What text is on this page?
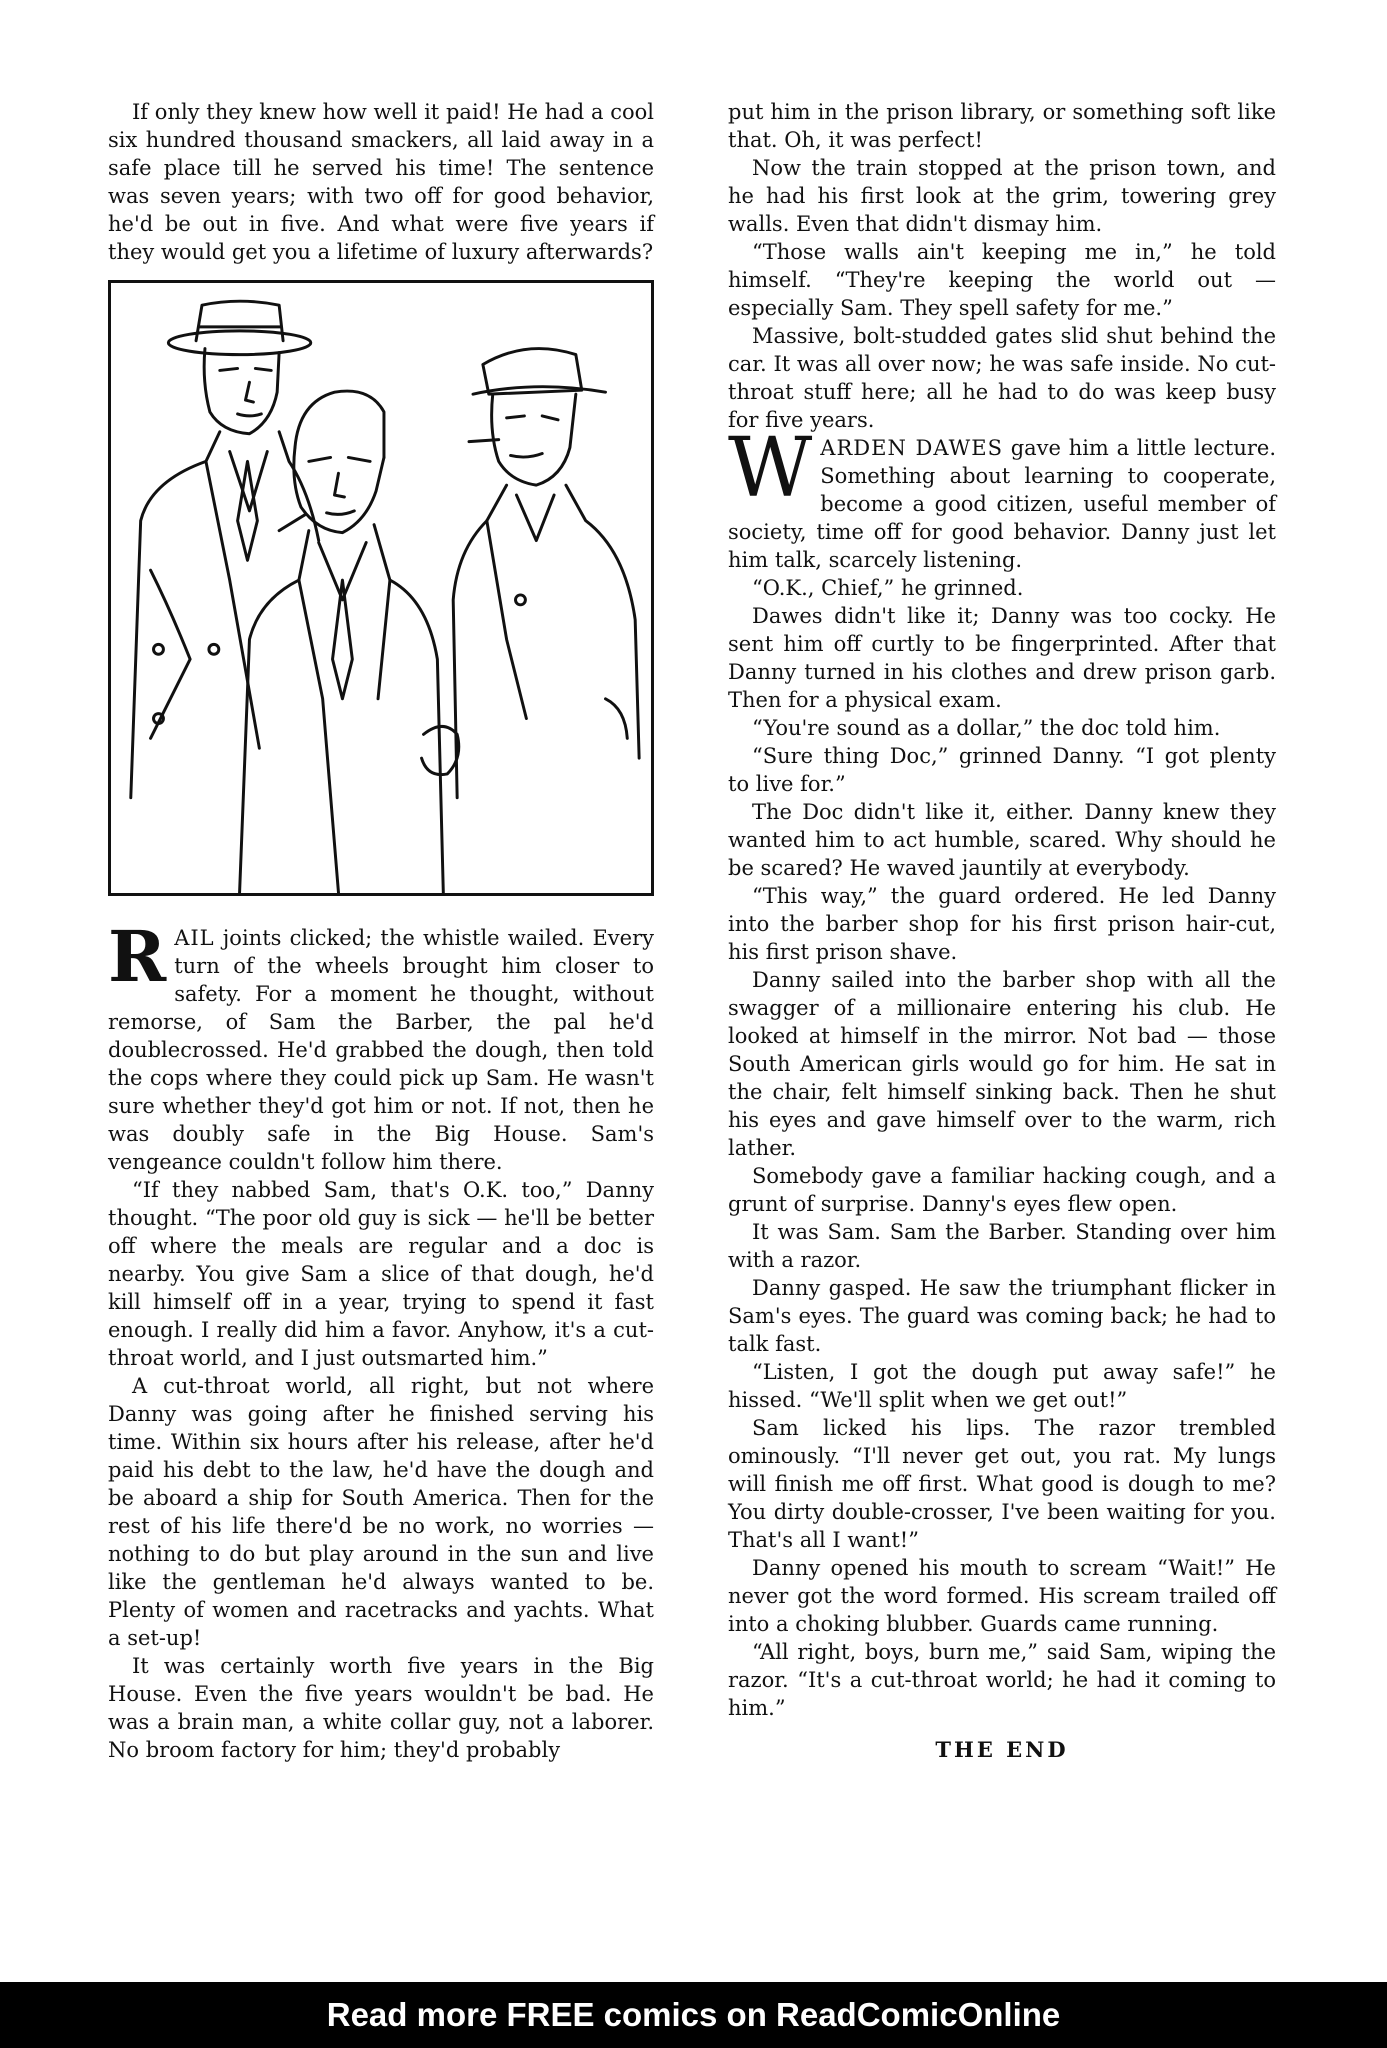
If only they knew how well it paid! He had a cool six hundred thousand smackers, all laid away in a safe place till he served his time! The sentence was seven years; with two off for good behavior, he'd be out in five. And what were five years if they would get you a lifetime of luxury afterwards?

RAIL joints clicked; the whistle wailed. Every turn of the wheels brought him closer to safety. For a moment he thought, without remorse, of Sam the Barber, the pal he'd doublecrossed. He'd grabbed the dough, then told the cops where they could pick up Sam. He wasn't sure whether they'd got him or not. If not, then he was doubly safe in the Big House. Sam's vengeance couldn't follow him there.

“If they nabbed Sam, that's O.K. too,” Danny thought. “The poor old guy is sick — he'll be better off where the meals are regular and a doc is nearby. You give Sam a slice of that dough, he'd kill himself off in a year, trying to spend it fast enough. I really did him a favor. Anyhow, it's a cut-throat world, and I just outsmarted him.”

A cut-throat world, all right, but not where Danny was going after he finished serving his time. Within six hours after his release, after he'd paid his debt to the law, he'd have the dough and be aboard a ship for South America. Then for the rest of his life there'd be no work, no worries — nothing to do but play around in the sun and live like the gentleman he'd always wanted to be. Plenty of women and racetracks and yachts. What a set-up!

It was certainly worth five years in the Big House. Even the five years wouldn't be bad. He was a brain man, a white collar guy, not a laborer. No broom factory for him; they'd probably

put him in the prison library, or something soft like that. Oh, it was perfect!

Now the train stopped at the prison town, and he had his first look at the grim, towering grey walls. Even that didn't dismay him.

“Those walls ain't keeping me in,” he told himself. “They're keeping the world out — especially Sam. They spell safety for me.”

Massive, bolt-studded gates slid shut behind the car. It was all over now; he was safe inside. No cut-throat stuff here; all he had to do was keep busy for five years.

WARDEN DAWES gave him a little lecture. Something about learning to cooperate, become a good citizen, useful member of society, time off for good behavior. Danny just let him talk, scarcely listening.

“O.K., Chief,” he grinned.

Dawes didn't like it; Danny was too cocky. He sent him off curtly to be fingerprinted. After that Danny turned in his clothes and drew prison garb. Then for a physical exam.

“You're sound as a dollar,” the doc told him.

“Sure thing Doc,” grinned Danny. “I got plenty to live for.”

The Doc didn't like it, either. Danny knew they wanted him to act humble, scared. Why should he be scared? He waved jauntily at everybody.

“This way,” the guard ordered. He led Danny into the barber shop for his first prison hair-cut, his first prison shave.

Danny sailed into the barber shop with all the swagger of a millionaire entering his club. He looked at himself in the mirror. Not bad — those South American girls would go for him. He sat in the chair, felt himself sinking back. Then he shut his eyes and gave himself over to the warm, rich lather.

Somebody gave a familiar hacking cough, and a grunt of surprise. Danny's eyes flew open.

It was Sam. Sam the Barber. Standing over him with a razor.

Danny gasped. He saw the triumphant flicker in Sam's eyes. The guard was coming back; he had to talk fast.

“Listen, I got the dough put away safe!” he hissed. “We'll split when we get out!”

Sam licked his lips. The razor trembled ominously. “I'll never get out, you rat. My lungs will finish me off first. What good is dough to me? You dirty double-crosser, I've been waiting for you. That's all I want!”

Danny opened his mouth to scream “Wait!” He never got the word formed. His scream trailed off into a choking blubber. Guards came running.

“All right, boys, burn me,” said Sam, wiping the razor. “It's a cut-throat world; he had it coming to him.”

THE END
Read more FREE comics on ReadComicOnline
